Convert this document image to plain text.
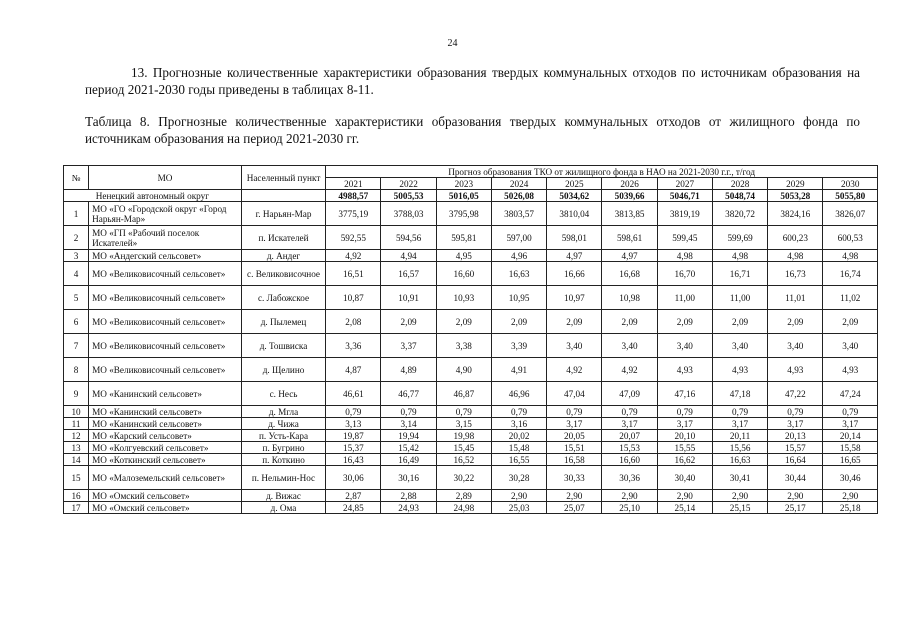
24
13. Прогнозные количественные характеристики образования твердых коммунальных отходов по источникам образования на период 2021-2030 годы приведены в таблицах 8-11.
Таблица 8. Прогнозные количественные характеристики образования твердых коммунальных отходов от жилищного фонда по источникам образования на период 2021-2030 гг.
№	МО	Населенный пункт	Прогноз образования ТКО от жилищного фонда в НАО на 2021-2030 г.г., т/год									
			2021	2022	2023	2024	2025	2026	2027	2028	2029	2030
Ненецкий автономный округ			4988,57	5005,53	5016,05	5026,08	5034,62	5039,66	5046,71	5048,74	5053,28	5055,80
1	МО «ГО «Городской округ «Город Нарьян-Мар»	г. Нарьян-Мар	3775,19	3788,03	3795,98	3803,57	3810,04	3813,85	3819,19	3820,72	3824,16	3826,07
2	МО «ГП «Рабочий поселок Искателей»	п. Искателей	592,55	594,56	595,81	597,00	598,01	598,61	599,45	599,69	600,23	600,53
3	МО «Андегский сельсовет»	д. Андег	4,92	4,94	4,95	4,96	4,97	4,97	4,98	4,98	4,98	4,98
4	МО «Великовисочный сельсовет»	с. Великовисочное	16,51	16,57	16,60	16,63	16,66	16,68	16,70	16,71	16,73	16,74
5	МО «Великовисочный сельсовет»	с. Лабожское	10,87	10,91	10,93	10,95	10,97	10,98	11,00	11,00	11,01	11,02
6	МО «Великовисочный сельсовет»	д. Пылемец	2,08	2,09	2,09	2,09	2,09	2,09	2,09	2,09	2,09	2,09
7	МО «Великовисочный сельсовет»	д. Тошвиска	3,36	3,37	3,38	3,39	3,40	3,40	3,40	3,40	3,40	3,40
8	МО «Великовисочный сельсовет»	д. Щелино	4,87	4,89	4,90	4,91	4,92	4,92	4,93	4,93	4,93	4,93
9	МО «Канинский сельсовет»	с. Несь	46,61	46,77	46,87	46,96	47,04	47,09	47,16	47,18	47,22	47,24
10	МО «Канинский сельсовет»	д. Мгла	0,79	0,79	0,79	0,79	0,79	0,79	0,79	0,79	0,79	0,79
11	МО «Канинский сельсовет»	д. Чижа	3,13	3,14	3,15	3,16	3,17	3,17	3,17	3,17	3,17	3,17
12	МО «Карский сельсовет»	п. Усть-Кара	19,87	19,94	19,98	20,02	20,05	20,07	20,10	20,11	20,13	20,14
13	МО «Колгуевский сельсовет»	п. Бугрино	15,37	15,42	15,45	15,48	15,51	15,53	15,55	15,56	15,57	15,58
14	МО «Коткинский сельсовет»	п. Коткино	16,43	16,49	16,52	16,55	16,58	16,60	16,62	16,63	16,64	16,65
15	МО «Малоземельский сельсовет»	п. Нельмин-Нос	30,06	30,16	30,22	30,28	30,33	30,36	30,40	30,41	30,44	30,46
16	МО «Омский сельсовет»	д. Вижас	2,87	2,88	2,89	2,90	2,90	2,90	2,90	2,90	2,90	2,90
17	МО «Омский сельсовет»	д. Ома	24,85	24,93	24,98	25,03	25,07	25,10	25,14	25,15	25,17	25,18
